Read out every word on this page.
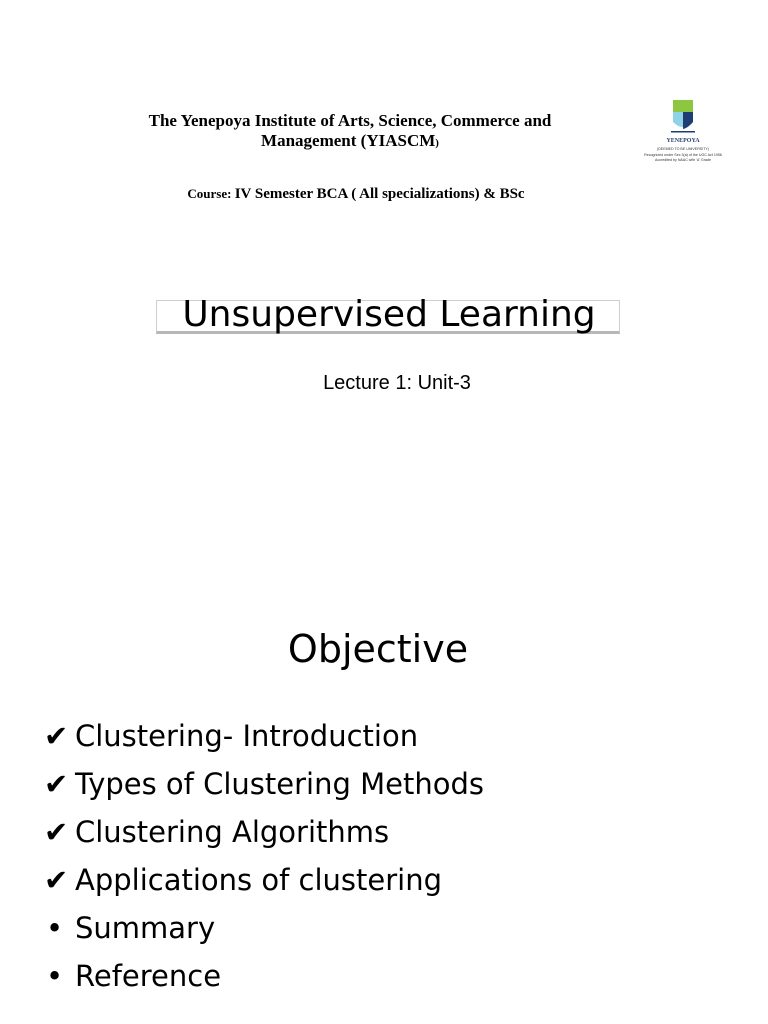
The Yenepoya Institute of Arts, Science, Commerce and
Management (YIASCM)
Course: IV Semester BCA ( All specializations) & BSc
YENEPOYA
(DEEMED TO BE UNIVERSITY)
Recognized under Sec 3(a) of the UGC Act 1956
Accredited by NAAC with 'A' Grade
Unsupervised Learning
Lecture 1: Unit-3
Objective
✔ Clustering- Introduction
✔ Types of Clustering Methods
✔ Clustering Algorithms
✔ Applications of clustering
• Summary
• Reference
